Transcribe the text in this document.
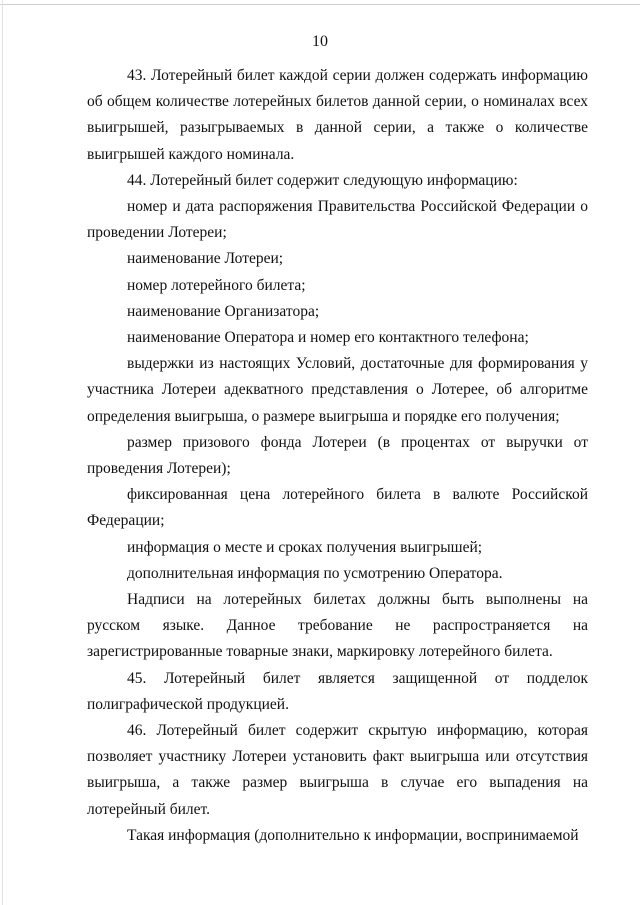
10

43. Лотерейный билет каждой серии должен содержать информацию об общем количестве лотерейных билетов данной серии, о номиналах всех выигрышей, разыгрываемых в данной серии, а также о количестве выигрышей каждого номинала.

44. Лотерейный билет содержит следующую информацию:

номер и дата распоряжения Правительства Российской Федерации о проведении Лотереи;

наименование Лотереи;

номер лотерейного билета;

наименование Организатора;

наименование Оператора и номер его контактного телефона;

выдержки из настоящих Условий, достаточные для формирования у участника Лотереи адекватного представления о Лотерее, об алгоритме определения выигрыша, о размере выигрыша и порядке его получения;

размер призового фонда Лотереи (в процентах от выручки от проведения Лотереи);

фиксированная цена лотерейного билета в валюте Российской Федерации;

информация о месте и сроках получения выигрышей;

дополнительная информация по усмотрению Оператора.

Надписи на лотерейных билетах должны быть выполнены на русском языке. Данное требование не распространяется на зарегистрированные товарные знаки, маркировку лотерейного билета.

45. Лотерейный билет является защищенной от подделок полиграфической продукцией.

46. Лотерейный билет содержит скрытую информацию, которая позволяет участнику Лотереи установить факт выигрыша или отсутствия выигрыша, а также размер выигрыша в случае его выпадения на лотерейный билет.

Такая информация (дополнительно к информации, воспринимаемой
